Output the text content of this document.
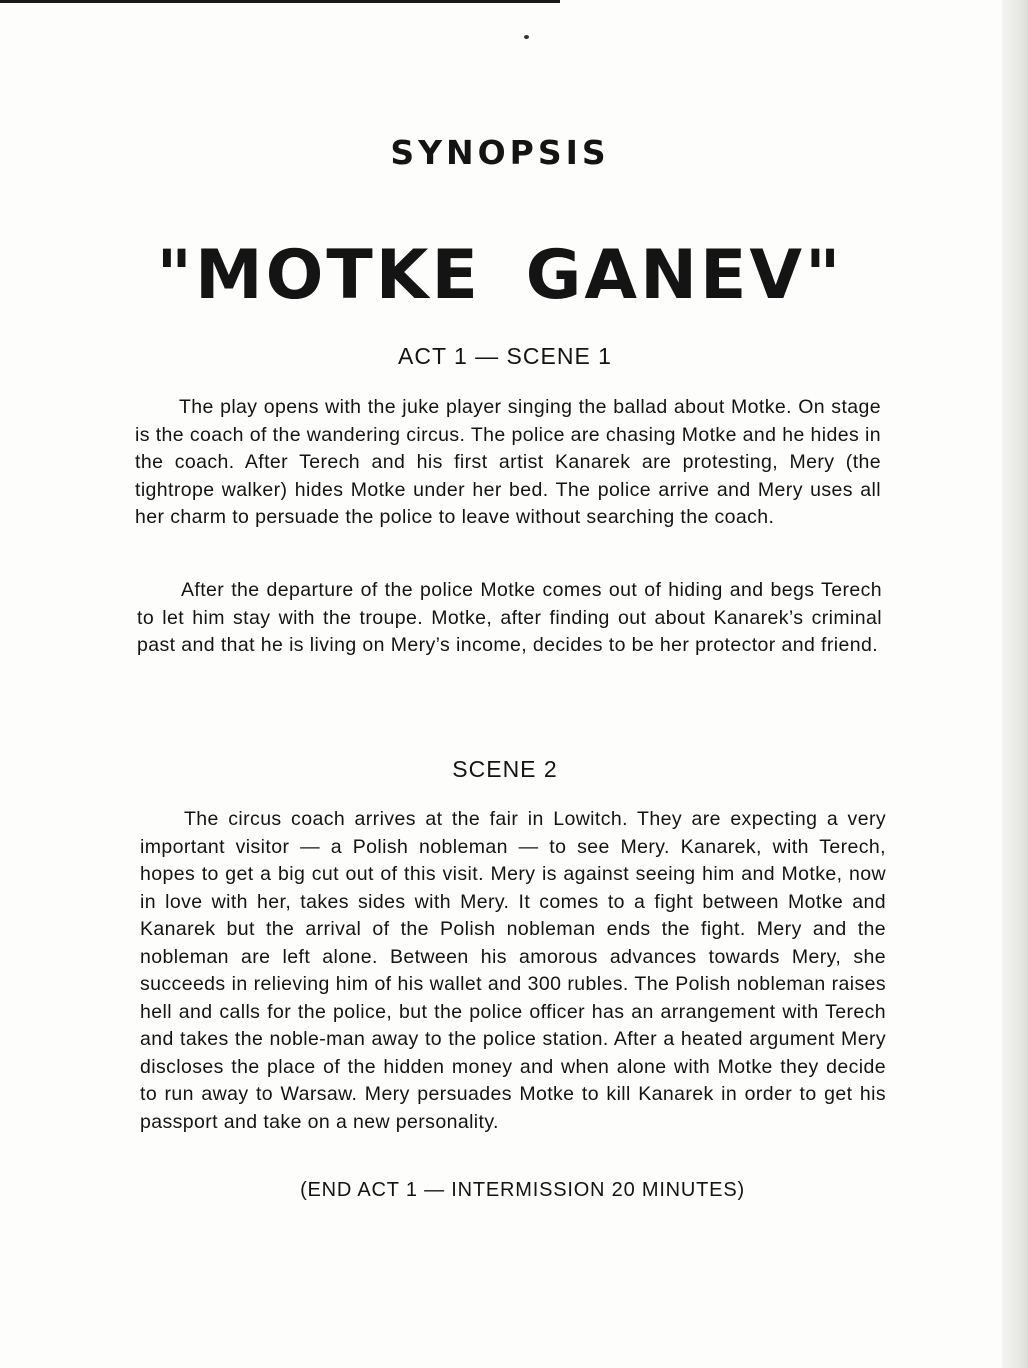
SYNOPSIS
"MOTKE GANEV"
ACT 1 — SCENE 1

The play opens with the juke player singing the ballad about Motke. On stage is the coach of the wandering circus. The police are chasing Motke and he hides in the coach. After Terech and his first artist Kanarek are protesting, Mery (the tightrope walker) hides Motke under her bed. The police arrive and Mery uses all her charm to persuade the police to leave without searching the coach.

After the departure of the police Motke comes out of hiding and begs Terech to let him stay with the troupe. Motke, after finding out about Kanarek’s criminal past and that he is living on Mery’s income, decides to be her protector and friend.

SCENE 2

The circus coach arrives at the fair in Lowitch. They are expecting a very important visitor — a Polish nobleman — to see Mery. Kanarek, with Terech, hopes to get a big cut out of this visit. Mery is against seeing him and Motke, now in love with her, takes sides with Mery. It comes to a fight between Motke and Kanarek but the arrival of the Polish nobleman ends the fight. Mery and the nobleman are left alone. Between his amorous advances towards Mery, she succeeds in relieving him of his wallet and 300 rubles. The Polish nobleman raises hell and calls for the police, but the police officer has an arrangement with Terech and takes the noble-man away to the police station. After a heated argument Mery discloses the place of the hidden money and when alone with Motke they decide to run away to Warsaw. Mery persuades Motke to kill Kanarek in order to get his passport and take on a new personality.

(END ACT 1 — INTERMISSION 20 MINUTES)
